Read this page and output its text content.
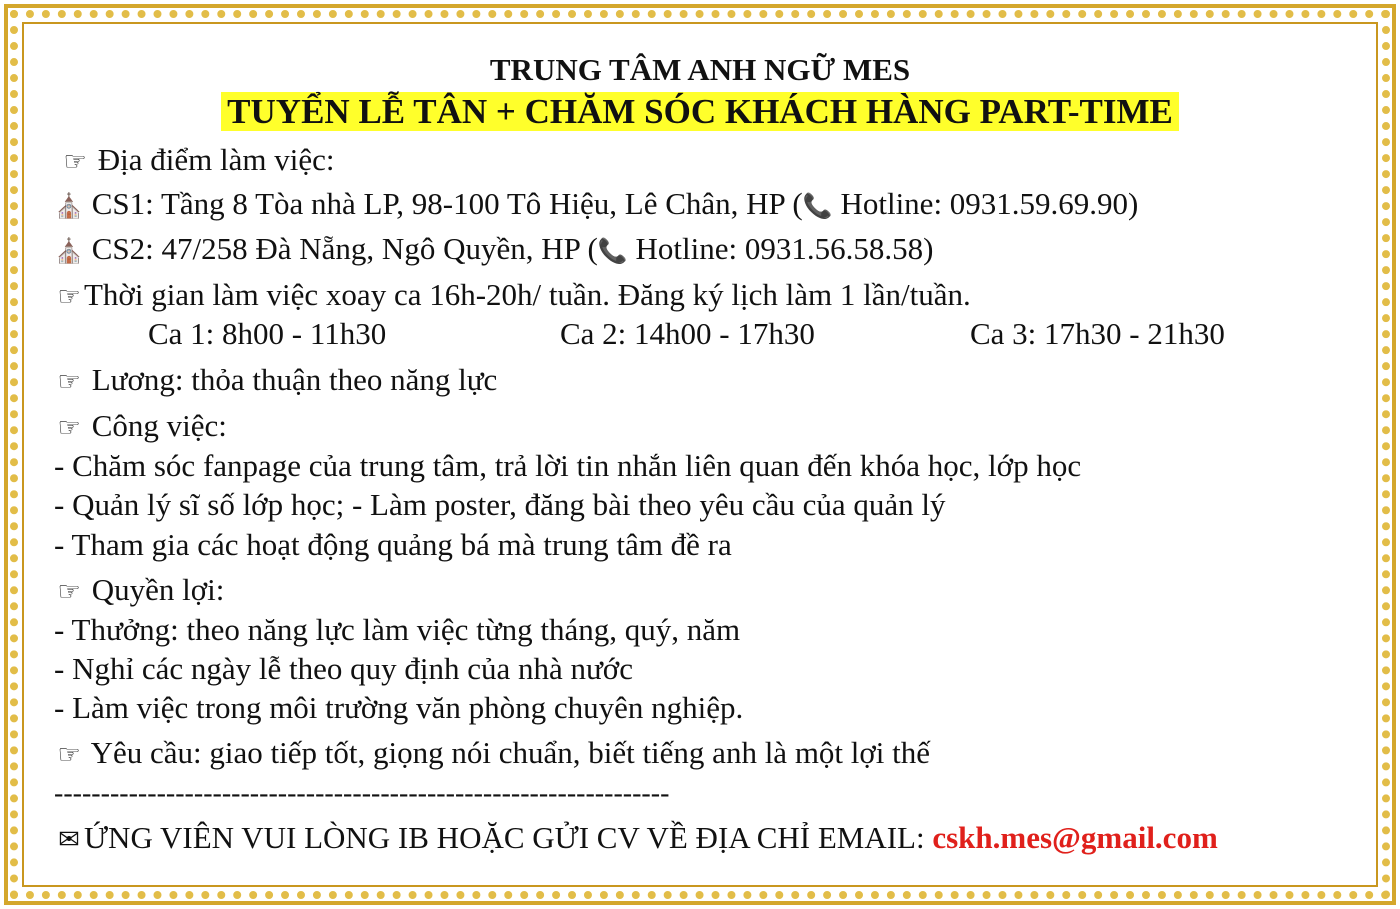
TRUNG TÂM ANH NGỮ MES
TUYỂN LỄ TÂN + CHĂM SÓC KHÁCH HÀNG PART-TIME
☞ Địa điểm làm việc:
⛪ CS1: Tầng 8 Tòa nhà LP, 98-100 Tô Hiệu, Lê Chân, HP (📞 Hotline: 0931.59.69.90)
⛪ CS2: 47/258 Đà Nẵng, Ngô Quyền, HP (📞 Hotline: 0931.56.58.58)
☞ Thời gian làm việc xoay ca 16h-20h/ tuần. Đăng ký lịch làm 1 lần/tuần.
Ca 1: 8h00 - 11h30	Ca 2: 14h00 - 17h30	Ca 3: 17h30 - 21h30
☞ Lương: thỏa thuận theo năng lực
☞ Công việc:
- Chăm sóc fanpage của trung tâm, trả lời tin nhắn liên quan đến khóa học, lớp học
- Quản lý sĩ số lớp học; - Làm poster, đăng bài theo yêu cầu của quản lý
- Tham gia các hoạt động quảng bá mà trung tâm đề ra
☞ Quyền lợi:
- Thưởng: theo năng lực làm việc từng tháng, quý, năm
- Nghỉ các ngày lễ theo quy định của nhà nước
- Làm việc trong môi trường văn phòng chuyên nghiệp.
☞ Yêu cầu: giao tiếp tốt, giọng nói chuẩn, biết tiếng anh là một lợi thế
------------------------------------------------------------------
✉ ỨNG VIÊN VUI LÒNG IB HOẶC GỬI CV VỀ ĐỊA CHỈ EMAIL: cskh.mes@gmail.com
